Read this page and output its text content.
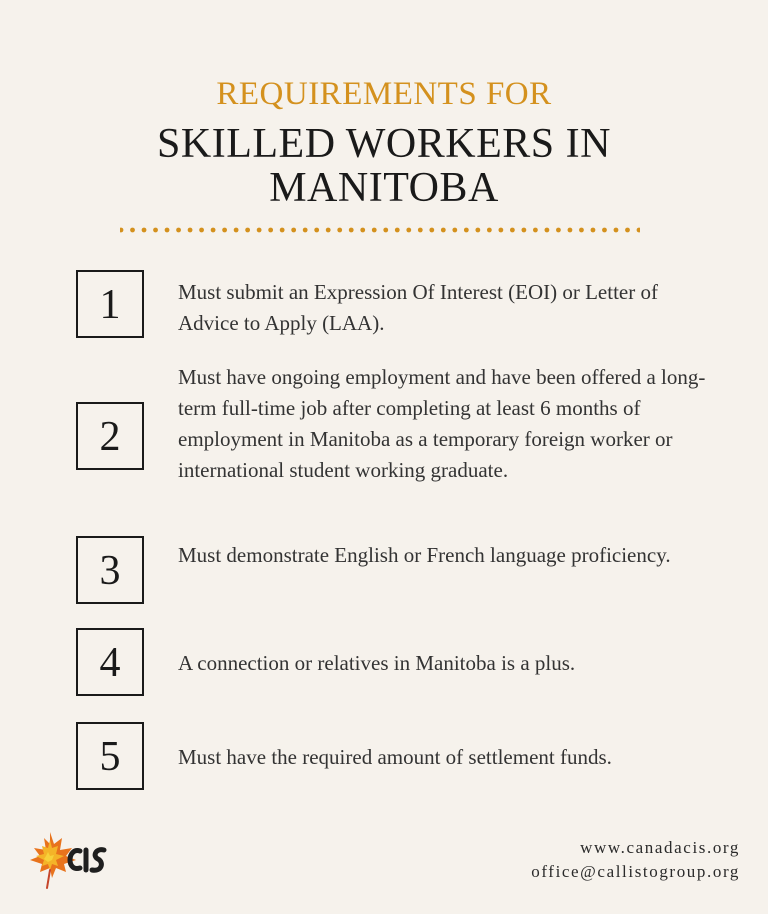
REQUIREMENTS FOR
SKILLED WORKERS IN
MANITOBA
1	Must submit an Expression Of Interest (EOI) or Letter of Advice to Apply (LAA).
2
Must have ongoing employment and have been offered a long-term full-time job after completing at least 6 months of employment in Manitoba as a temporary foreign worker or international student working graduate.
3	Must demonstrate English or French language proficiency.
4	A connection or relatives in Manitoba is a plus.
5	Must have the required amount of settlement funds.
www.canadacis.org
office@callistogroup.org
